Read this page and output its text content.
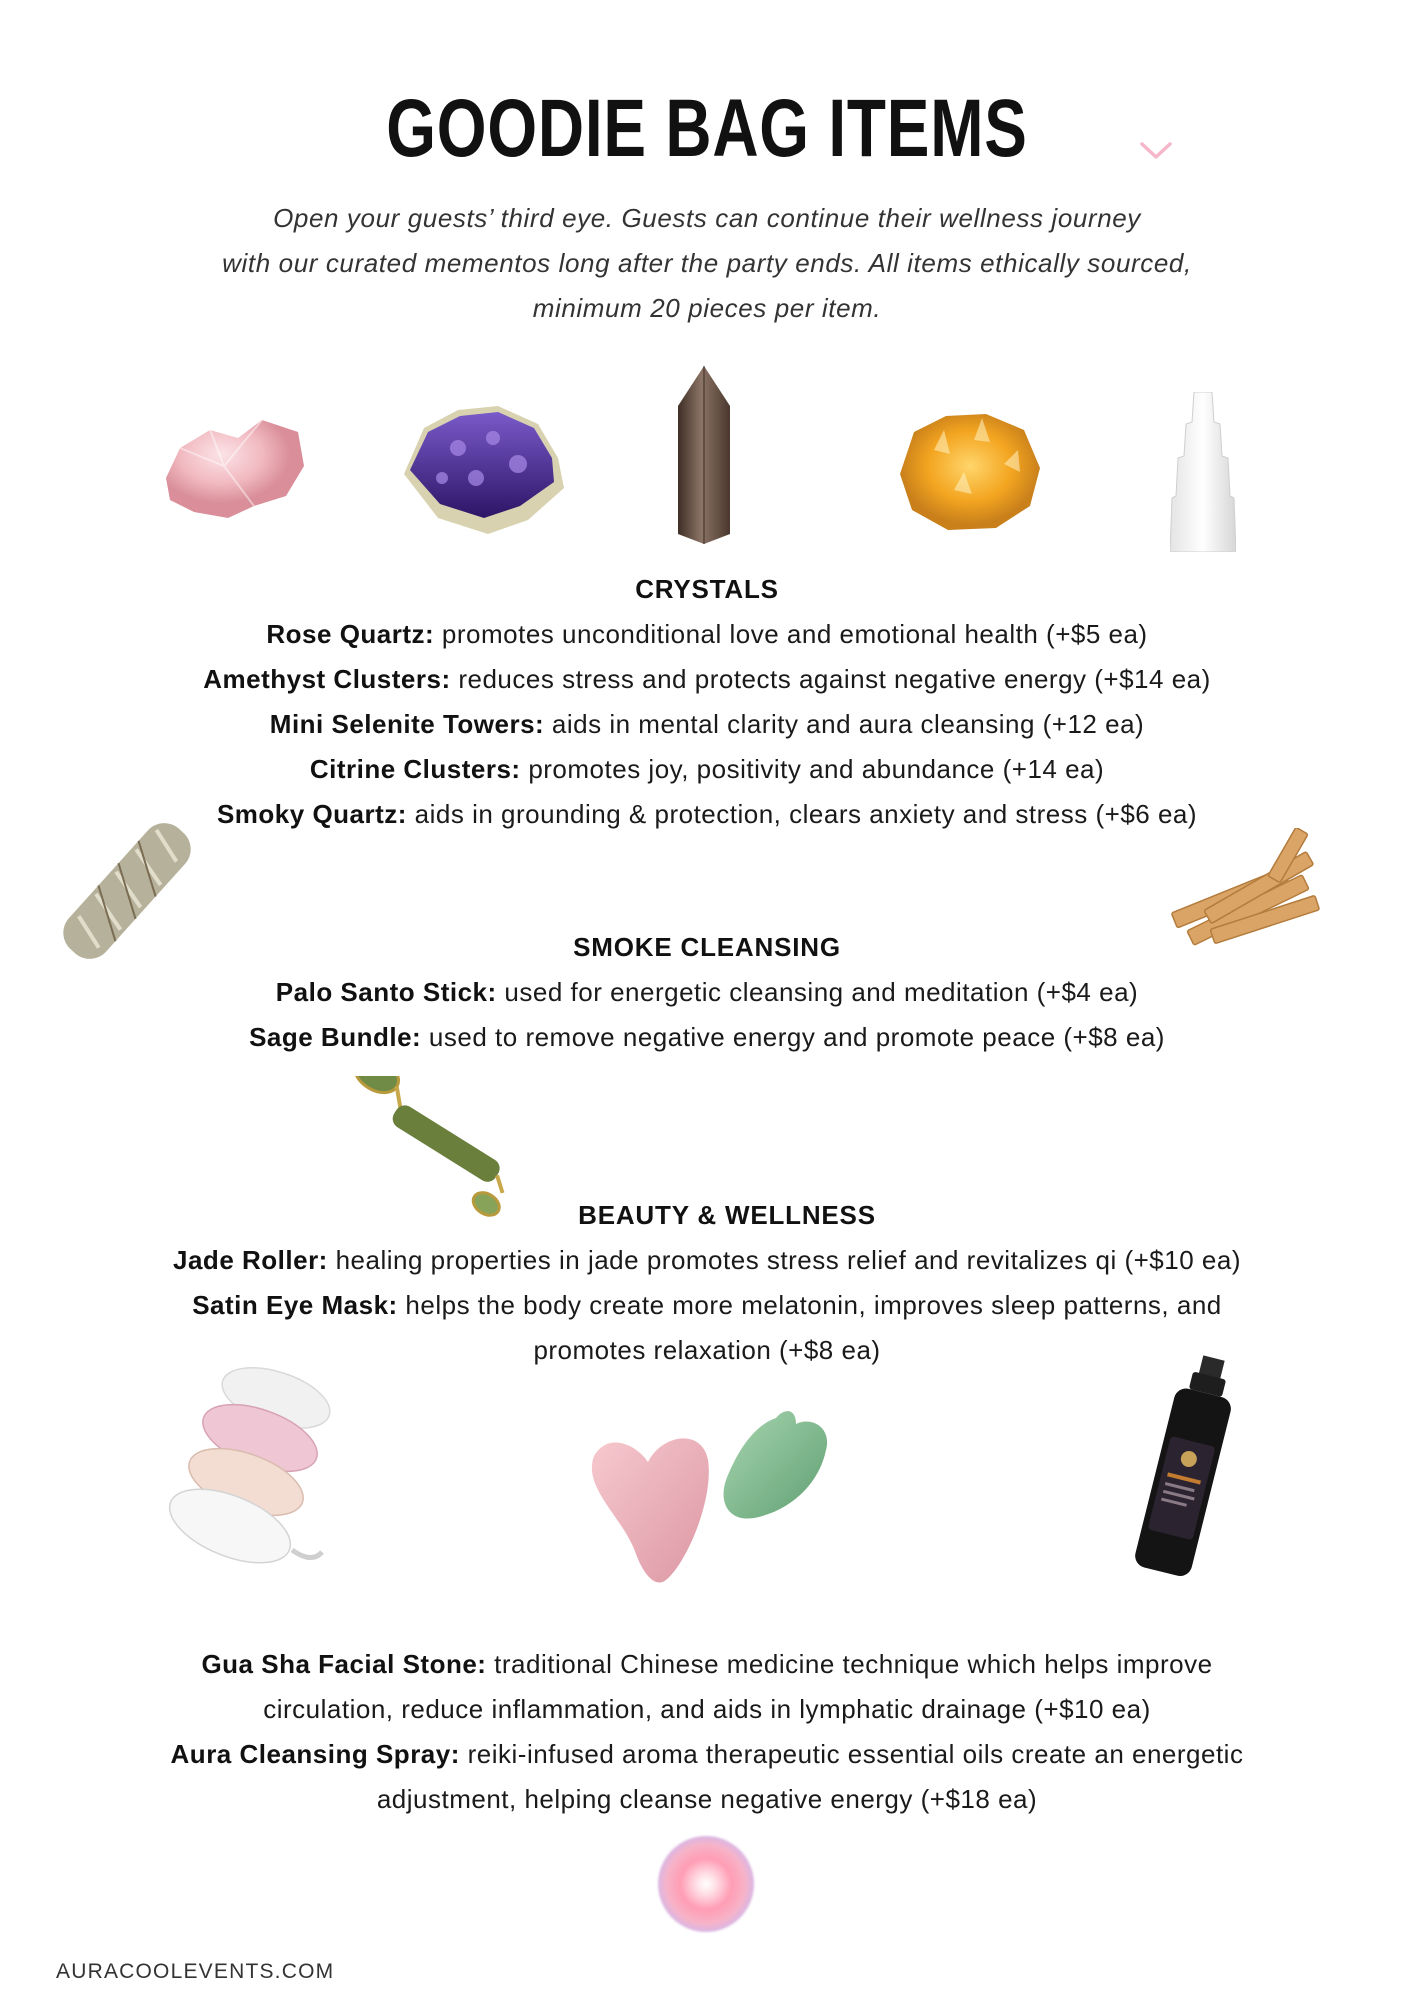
GOODIE BAG ITEMS

Open your guests’ third eye. Guests can continue their wellness journey

with our curated mementos long after the party ends. All items ethically sourced,

minimum 20 pieces per item.

CRYSTALS

Rose Quartz: promotes unconditional love and emotional health (+$5 ea)

Amethyst Clusters: reduces stress and protects against negative energy (+$14 ea)

Mini Selenite Towers: aids in mental clarity and aura cleansing (+12 ea)

Citrine Clusters: promotes joy, positivity and abundance (+14 ea)

Smoky Quartz: aids in grounding & protection, clears anxiety and stress (+$6 ea)

SMOKE CLEANSING

Palo Santo Stick: used for energetic cleansing and meditation (+$4 ea)

Sage Bundle: used to remove negative energy and promote peace (+$8 ea)

BEAUTY & WELLNESS

Jade Roller: healing properties in jade promotes stress relief and revitalizes qi (+$10 ea)

Satin Eye Mask: helps the body create more melatonin, improves sleep patterns, and

promotes relaxation (+$8 ea)

Gua Sha Facial Stone: traditional Chinese medicine technique which helps improve

circulation, reduce inflammation, and aids in lymphatic drainage (+$10 ea)

Aura Cleansing Spray: reiki-infused aroma therapeutic essential oils create an energetic

adjustment, helping cleanse negative energy (+$18 ea)

AURACOOLEVENTS.COM
